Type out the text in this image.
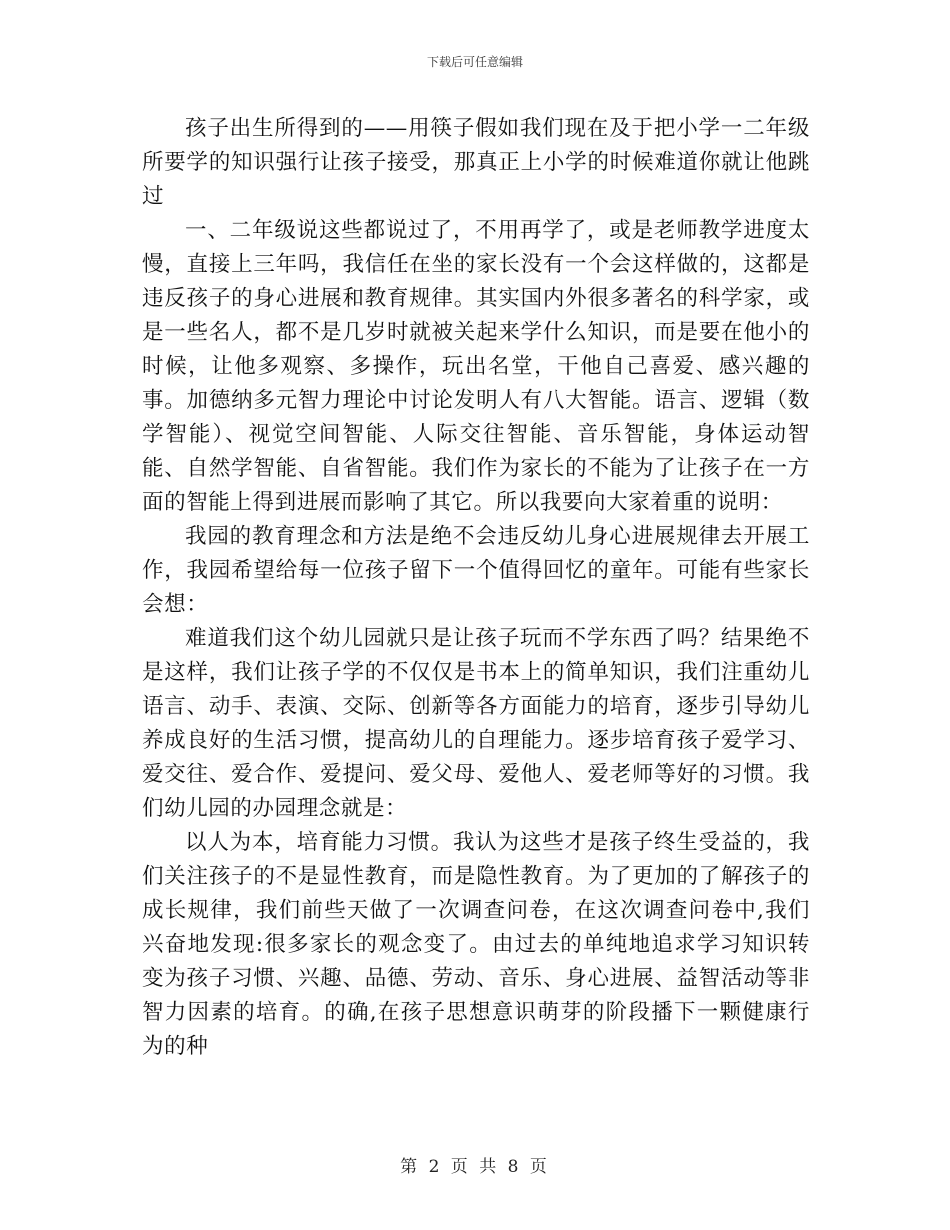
下载后可任意编辑

孩子出生所得到的——用筷子假如我们现在及于把小学一二年级所要学的知识强行让孩子接受，那真正上小学的时候难道你就让他跳过

一、二年级说这些都说过了，不用再学了，或是老师教学进度太慢，直接上三年吗，我信任在坐的家长没有一个会这样做的，这都是违反孩子的身心进展和教育规律。其实国内外很多著名的科学家，或是一些名人，都不是几岁时就被关起来学什么知识，而是要在他小的时候，让他多观察、多操作，玩出名堂，干他自己喜爱、感兴趣的事。加德纳多元智力理论中讨论发明人有八大智能。语言、逻辑（数学智能）、视觉空间智能、人际交往智能、音乐智能，身体运动智能、自然学智能、自省智能。我们作为家长的不能为了让孩子在一方面的智能上得到进展而影响了其它。所以我要向大家着重的说明：

我园的教育理念和方法是绝不会违反幼儿身心进展规律去开展工作，我园希望给每一位孩子留下一个值得回忆的童年。可能有些家长会想：

难道我们这个幼儿园就只是让孩子玩而不学东西了吗？结果绝不是这样，我们让孩子学的不仅仅是书本上的简单知识，我们注重幼儿语言、动手、表演、交际、创新等各方面能力的培育，逐步引导幼儿养成良好的生活习惯，提高幼儿的自理能力。逐步培育孩子爱学习、爱交往、爱合作、爱提问、爱父母、爱他人、爱老师等好的习惯。我们幼儿园的办园理念就是：

以人为本，培育能力习惯。我认为这些才是孩子终生受益的，我们关注孩子的不是显性教育，而是隐性教育。为了更加的了解孩子的成长规律，我们前些天做了一次调查问卷，在这次调查问卷中,我们兴奋地发现:很多家长的观念变了。由过去的单纯地追求学习知识转变为孩子习惯、兴趣、品德、劳动、音乐、身心进展、益智活动等非智力因素的培育。的确,在孩子思想意识萌芽的阶段播下一颗健康行为的种

第 2 页 共 8 页
